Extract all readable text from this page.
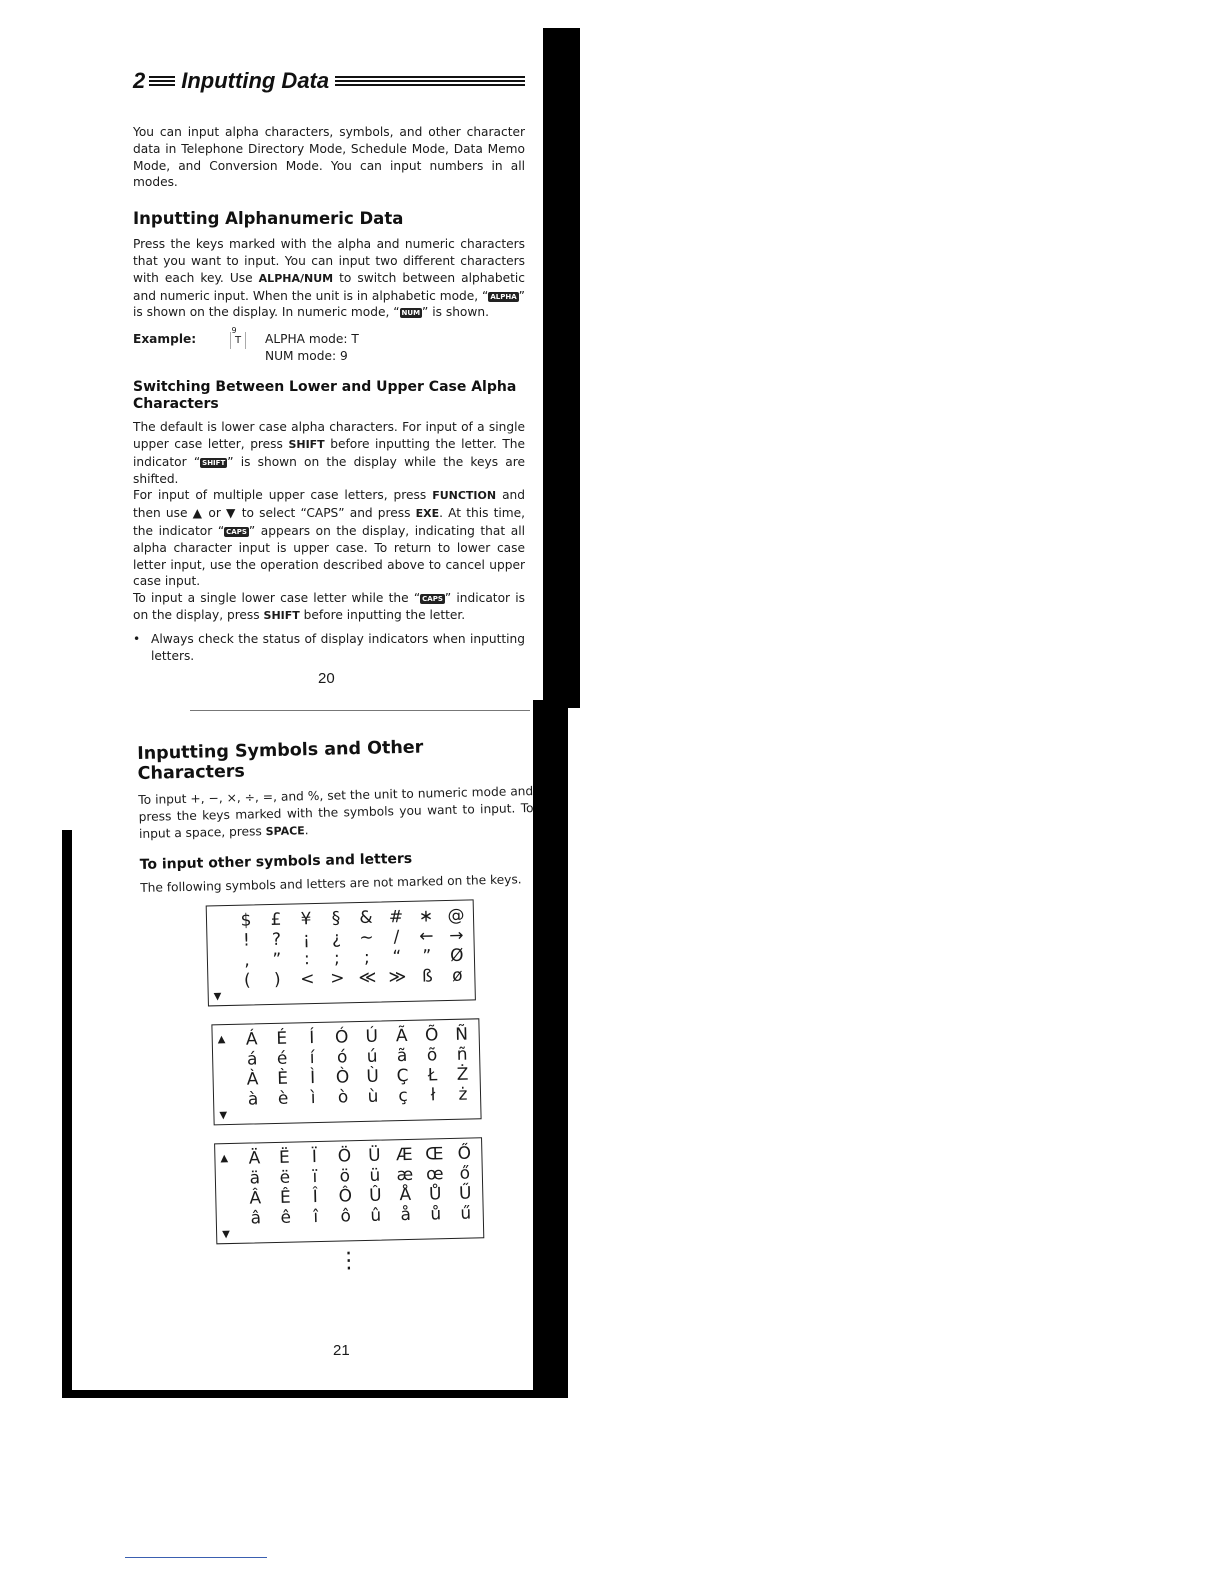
2 Inputting Data

You can input alpha characters, symbols, and other character data in Telephone Directory Mode, Schedule Mode, Data Memo Mode, and Conversion Mode. You can input numbers in all modes.

Inputting Alphanumeric Data

Press the keys marked with the alpha and numeric characters that you want to input. You can input two different characters with each key. Use ALPHA/NUM to switch between alphabetic and numeric input. When the unit is in alphabetic mode, “ ALPHA ” is shown on the display. In numeric mode, “ NUM ” is shown.

Example:
9
T	ALPHA mode: T
NUM mode: 9
Switching Between Lower and Upper Case Alpha Characters

The default is lower case alpha characters. For input of a single upper case letter, press SHIFT before inputting the letter. The indicator “ SHIFT ” is shown on the display while the keys are shifted.

For input of multiple upper case letters, press FUNCTION and then use ▲ or ▼ to select “CAPS” and press EXE. At this time, the indicator “ CAPS ” appears on the display, indicating that all alpha character input is upper case. To return to lower case letter input, use the operation described above to cancel upper case input.

To input a single lower case letter while the “ CAPS ” indicator is on the display, press SHIFT before inputting the letter.

• Always check the status of display indicators when inputting letters.
20
Inputting Symbols and Other Characters

To input +, −, ×, ÷, =, and %, set the unit to numeric mode and press the keys marked with the symbols you want to input. To input a space, press SPACE.

To input other symbols and letters

The following symbols and letters are not marked on the keys.

$	£	¥	§	& # ∗ @
!	?	¡	¿	~	/	← →
,	”	:	;	;	“	”	Ø
(	)	< > ≪ ≫ ß	ø
▼
▲	Á	É	Í	Ó Ú	Ã	Õ Ñ
á	é	í	ó	ú	ã	õ	ñ
À	È	Ì	Ò Ù	Ç	Ł	Ż
à	è	ì	ò	ù	ç	ł	ż
▼
▲	Ä	Ë	Ï	Ö Ü Æ Œ Ő
ä	ë	ï	ö	ü æ œ ő
Â	Ê	Î	Ô Û	Å	Ů	Ű
â	ê	î	ô	û	å	ů	ű
▼
⋮
21
